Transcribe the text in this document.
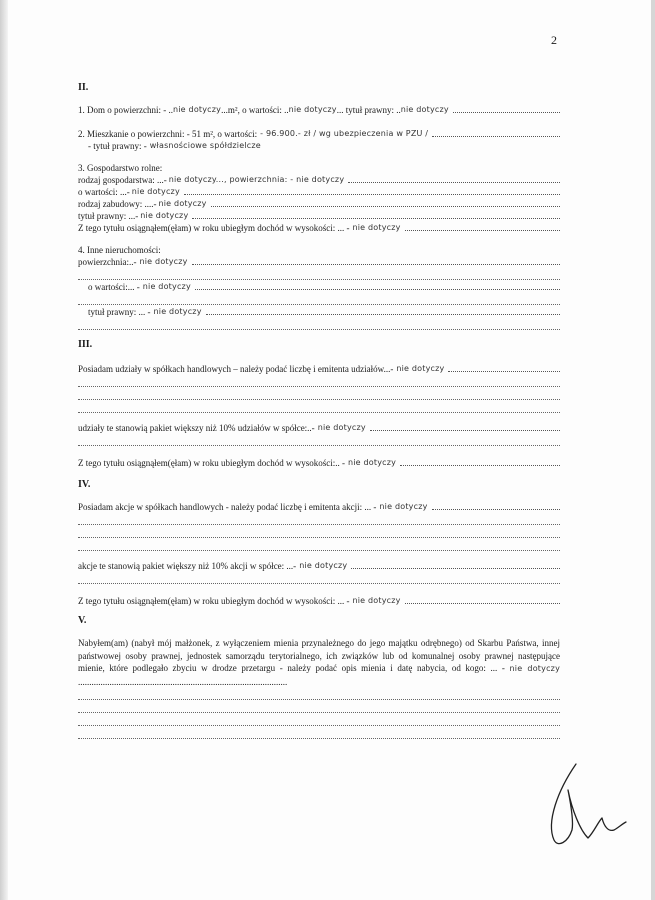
2
II.
1. Dom o powierzchni: - .. nie dotyczy ...m², o wartości: .. nie dotyczy ... tytuł prawny: .. nie dotyczy
2. Mieszkanie o powierzchni: - 51 m², o wartości: - 96.900.- zł / wg ubezpieczenia w PZU /
- tytuł prawny: - własnościowe spółdzielcze
3. Gospodarstwo rolne:
rodzaj gospodarstwa: ...- nie dotyczy..., powierzchnia: - nie dotyczy
o wartości: ...- nie dotyczy
rodzaj zabudowy: ....- nie dotyczy
tytuł prawny: ...- nie dotyczy
Z tego tytułu osiągnąłem(ęłam) w roku ubiegłym dochód w wysokości: ... - nie dotyczy
4. Inne nieruchomości:
powierzchnia:..- nie dotyczy
o wartości:... - nie dotyczy
tytuł prawny: ... - nie dotyczy
III.
Posiadam udziały w spółkach handlowych – należy podać liczbę i emitenta udziałów...- nie dotyczy
udziały te stanowią pakiet większy niż 10% udziałów w spółce:..- nie dotyczy
Z tego tytułu osiągnąłem(ęłam) w roku ubiegłym dochód w wysokości:.. - nie dotyczy
IV.
Posiadam akcje w spółkach handlowych - należy podać liczbę i emitenta akcji: ... - nie dotyczy
akcje te stanowią pakiet większy niż 10% akcji w spółce: ...- nie dotyczy
Z tego tytułu osiągnąłem(ęłam) w roku ubiegłym dochód w wysokości: ... - nie dotyczy
V.
Nabyłem(am) (nabył mój małżonek, z wyłączeniem mienia przynależnego do jego majątku odrębnego) od Skarbu Państwa, innej państwowej osoby prawnej, jednostek samorządu terytorialnego, ich związków lub od komunalnej osoby prawnej następujące mienie, które podlegało zbyciu w drodze przetargu - należy podać opis mienia i datę nabycia, od kogo: ... - nie dotyczy .............................................................................................
